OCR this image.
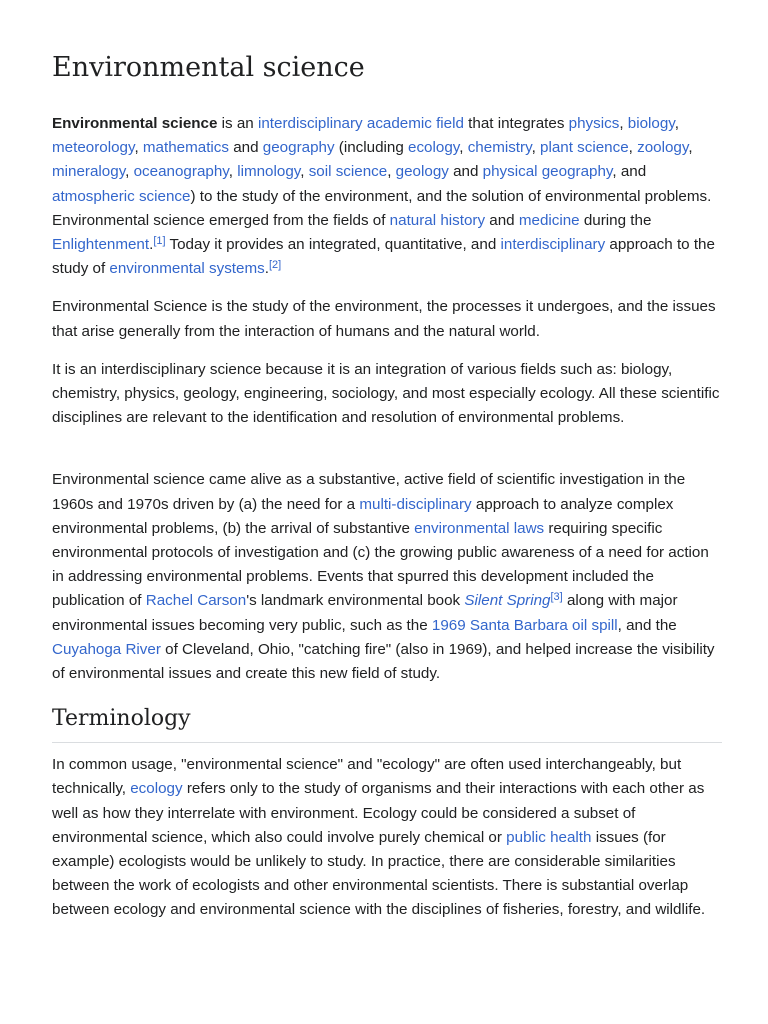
Environmental science

Environmental science is an interdisciplinary academic field that integrates physics, biology, meteorology, mathematics and geography (including ecology, chemistry, plant science, zoology, mineralogy, oceanography, limnology, soil science, geology and physical geography, and atmospheric science) to the study of the environment, and the solution of environmental problems. Environmental science emerged from the fields of natural history and medicine during the Enlightenment.[1] Today it provides an integrated, quantitative, and interdisciplinary approach to the study of environmental systems.[2]

Environmental Science is the study of the environment, the processes it undergoes, and the issues that arise generally from the interaction of humans and the natural world.

It is an interdisciplinary science because it is an integration of various fields such as: biology, chemistry, physics, geology, engineering, sociology, and most especially ecology. All these scientific disciplines are relevant to the identification and resolution of environmental problems.

Environmental science came alive as a substantive, active field of scientific investigation in the 1960s and 1970s driven by (a) the need for a multi-disciplinary approach to analyze complex environmental problems, (b) the arrival of substantive environmental laws requiring specific environmental protocols of investigation and (c) the growing public awareness of a need for action in addressing environmental problems. Events that spurred this development included the publication of Rachel Carson's landmark environmental book Silent Spring[3] along with major environmental issues becoming very public, such as the 1969 Santa Barbara oil spill, and the Cuyahoga River of Cleveland, Ohio, "catching fire" (also in 1969), and helped increase the visibility of environmental issues and create this new field of study.

Terminology

In common usage, "environmental science" and "ecology" are often used interchangeably, but technically, ecology refers only to the study of organisms and their interactions with each other as well as how they interrelate with environment. Ecology could be considered a subset of environmental science, which also could involve purely chemical or public health issues (for example) ecologists would be unlikely to study. In practice, there are considerable similarities between the work of ecologists and other environmental scientists. There is substantial overlap between ecology and environmental science with the disciplines of fisheries, forestry, and wildlife.
